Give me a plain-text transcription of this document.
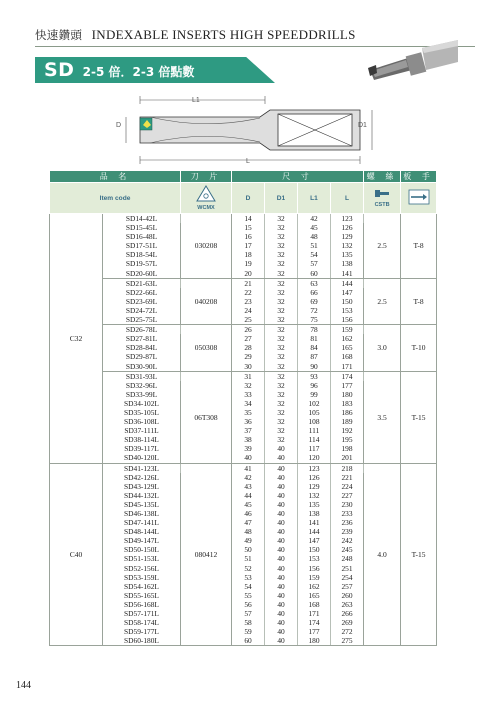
快速鑽頭 INDEXABLE INSERTS HIGH SPEEDDRILLS
SD 2-5 倍．2-3 倍點數
L1
D	D1
L
品 名		刀 片	尺 寸				螺 絲	板 手
Item code		WCMX	D	D1	L1	L	CSTB

C32	SD14-42L	030208	14	32	42	123	2.5	T-8
	SD15-45L		15	32	45	126		
	SD16-48L		16	32	48	129		
	SD17-51L		17	32	51	132		
	SD18-54L		18	32	54	135		
	SD19-57L		19	32	57	138		
	SD20-60L		20	32	60	141		
	SD21-63L	040208	21	32	63	144	2.5	T-8
	SD22-66L		22	32	66	147		
	SD23-69L		23	32	69	150		
	SD24-72L		24	32	72	153		
	SD25-75L		25	32	75	156		
	SD26-78L	050308	26	32	78	159	3.0	T-10
	SD27-81L		27	32	81	162		
	SD28-84L		28	32	84	165		
	SD29-87L		29	32	87	168		
	SD30-90L		30	32	90	171		
	SD31-93L	06T308	31	32	93	174	3.5	T-15
	SD32-96L		32	32	96	177		
	SD33-99L		33	32	99	180		
	SD34-102L		34	32	102	183		
	SD35-105L		35	32	105	186		
	SD36-108L		36	32	108	189		
	SD37-111L		37	32	111	192		
	SD38-114L		38	32	114	195		
	SD39-117L		39	40	117	198		
	SD40-120L		40	40	120	201		
C40	SD41-123L	080412	41	40	123	218	4.0	T-15
	SD42-126L		42	40	126	221		
	SD43-129L		43	40	129	224		
	SD44-132L		44	40	132	227		
	SD45-135L		45	40	135	230		
	SD46-138L		46	40	138	233		
	SD47-141L		47	40	141	236		
	SD48-144L		48	40	144	239		
	SD49-147L		49	40	147	242		
	SD50-150L		50	40	150	245		
	SD51-153L		51	40	153	248		
	SD52-156L		52	40	156	251		
	SD53-159L		53	40	159	254		
	SD54-162L		54	40	162	257		
	SD55-165L		55	40	165	260		
	SD56-168L		56	40	168	263		
	SD57-171L		57	40	171	266		
	SD58-174L		58	40	174	269		
	SD59-177L		59	40	177	272		
	SD60-180L		60	40	180	275		
144
